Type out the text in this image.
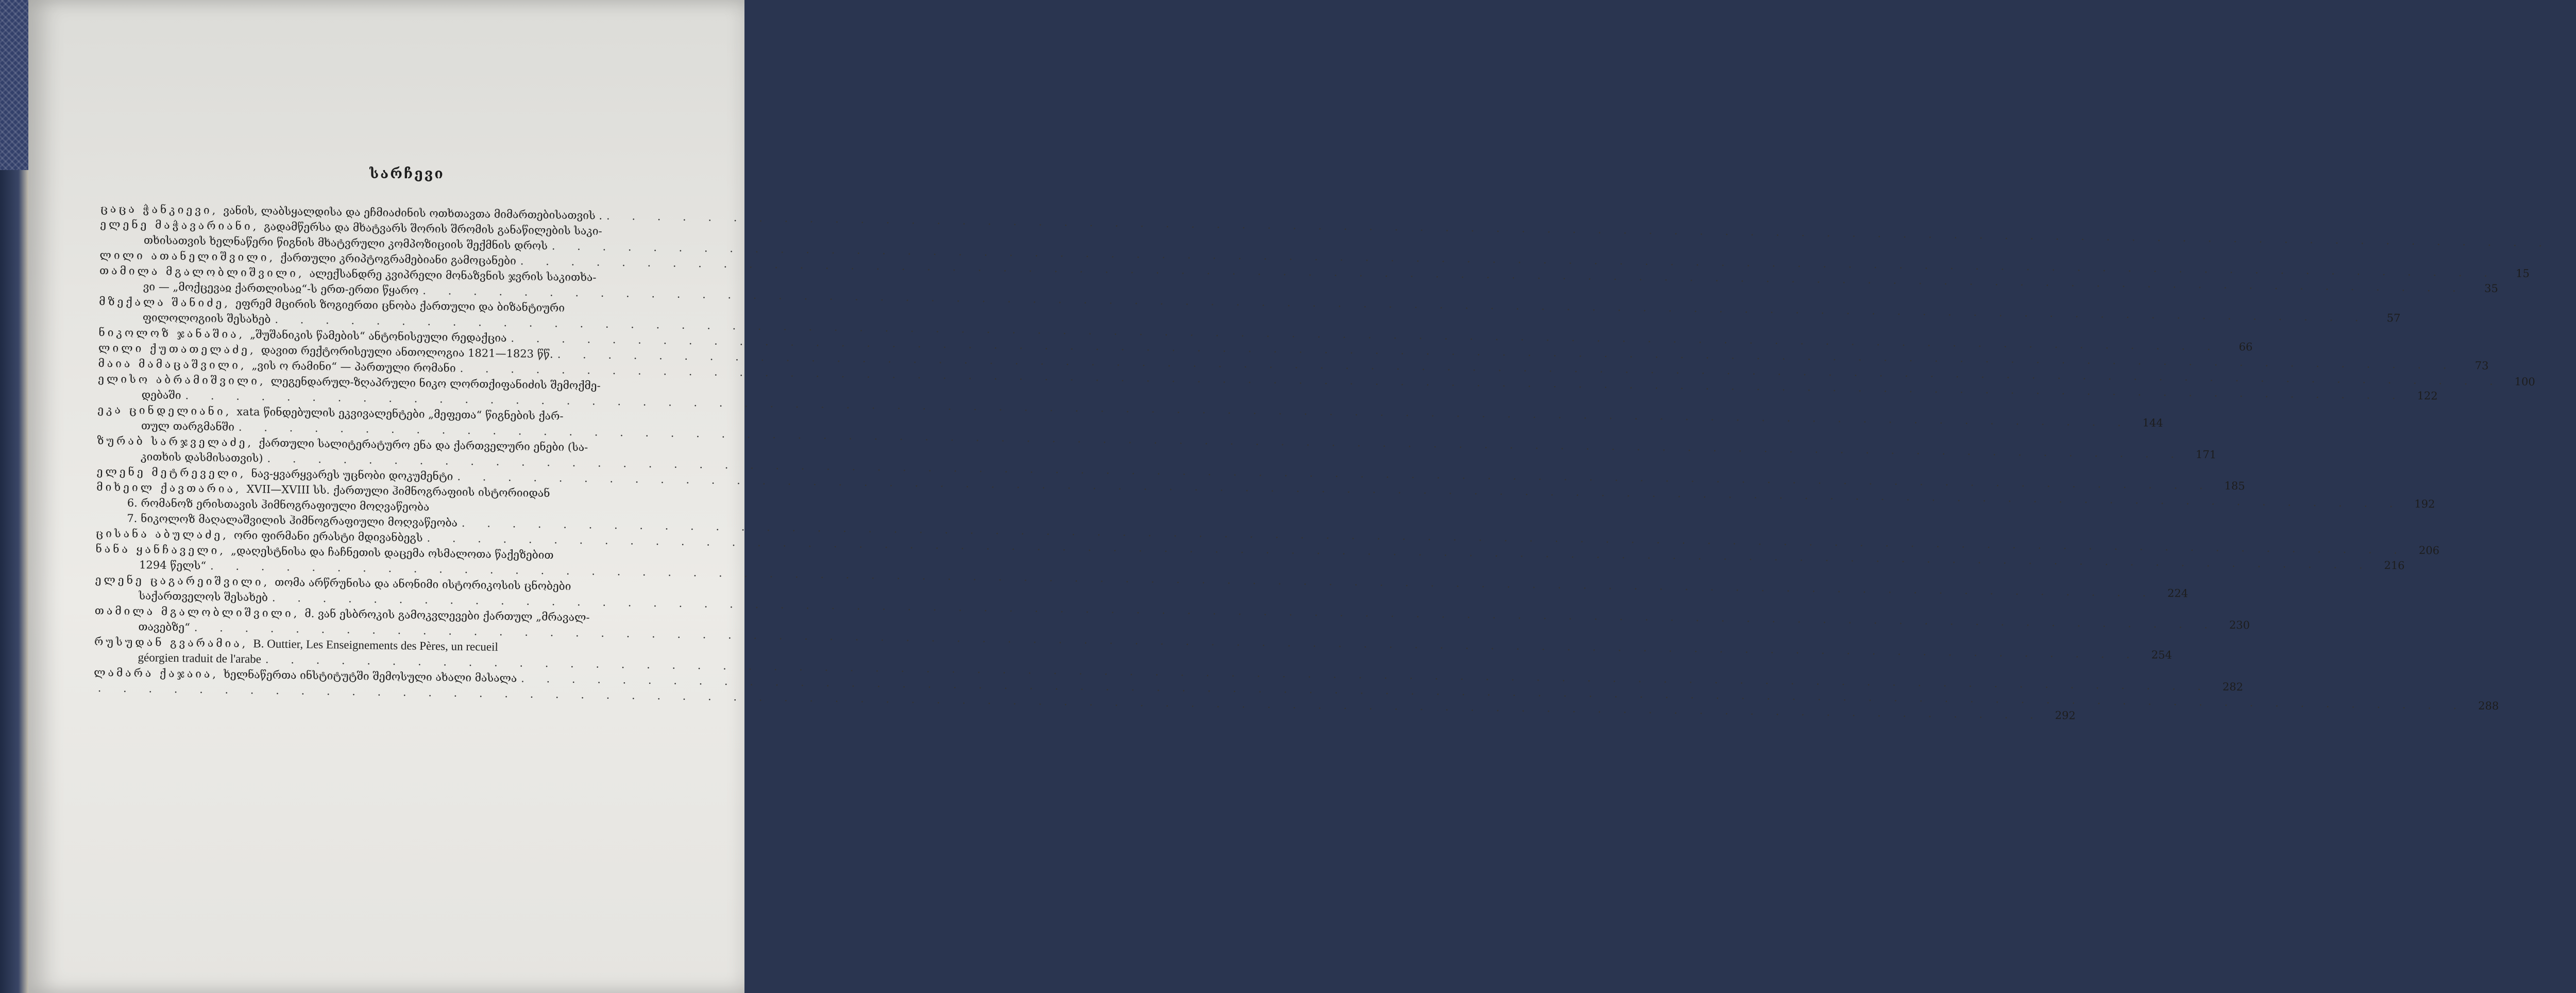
სარჩევი
ცაცა ჭანკიევი, ვანის, ლაბსყალდისა და ეჩმიაძინის ოთხთავთა მიმართებისათვის .
. . .
ელენე მაჭავარიანი, გადამწერსა და მხატვარს შორის შრომის განაწილების საკი-
თხისათვის ხელნაწერი წიგნის მხატვრული კომპოზიციის შექმნის დროს
. . .
15
ლილი ათანელიშვილი, ქართული კრიპტოგრამებიანი გამოცანები
. . .
35
თამილა მგალობლიშვილი, ალექსანდრე კვიპრელი მონაზვნის ჯვრის საკითხა-
ვი — „მოქცევაჲ ქართლისაჲ“-ს ერთ-ერთი წყარო
. . .
57
მზექალა შანიძე, ეფრემ მცირის ზოგიერთი ცნობა ქართული და ბიზანტიური
ფილოლოგიის შესახებ
. . .
66
ნიკოლოზ ჯანაშია, „შუშანიკის წამების“ ანტონისეული რედაქცია
. . .
73
ლილი ქუთათელაძე, დავით რექტორისეული ანთოლოგია 1821—1823 წწ.
. . .
100
მაია მამაცაშვილი, „ვის ო რამინი“ — პართული რომანი
. . .
122
ელისო აბრამიშვილი, ლეგენდარულ-ზღაპრული ნიკო ლორთქიფანიძის შემოქმე-
დებაში
. . .
144
ეკა ცინდელიანი, xata წინდებულის ეკვივალენტები „მეფეთა“ წიგნების ქარ-
თულ თარგმანში
. . .
171
ზურაბ სარჯველაძე, ქართული სალიტერატურო ენა და ქართველური ენები (სა-
კითხის დასმისათვის)
. . .
185
ელენე მეტრეველი, ნავ-ყვარყვარეს უცნობი დოკუმენტი
. . .
192
მიხეილ ქავთარია, XVII—XVIII სს. ქართული ჰიმნოგრაფიის ისტორიიდან
6. რომანოზ ერისთავის ჰიმნოგრაფიული მოღვაწეობა
7. ნიკოლოზ მაღალაშვილის ჰიმნოგრაფიული მოღვაწეობა
. . .
206
ცისანა აბულაძე, ორი ფირმანი ერასტი მდივანბეგს
. . .
216
ნანა ყანჩაველი, „დაღესტნისა და ჩაჩნეთის დაცემა ოსმალოთა წაქეზებით
1294 წელს“
. . .
224
ელენე ცაგარეიშვილი, თომა არწრუნისა და ანონიმი ისტორიკოსის ცნობები
საქართველოს შესახებ
. . .
230
თამილა მგალობლიშვილი, მ. ვან ესბროკის გამოკვლევები ქართულ „მრავალ-
თავებზე“
. . .
254
რუსუდან გვარამია, B. Outtier, Les Enseignements des Pères, un recueil
géorgien traduit de l'arabe
. . .
282
ლამარა ქაჯაია, ხელნაწერთა ინსტიტუტში შემოსული ახალი მასალა
. . .
288
. . .
292
